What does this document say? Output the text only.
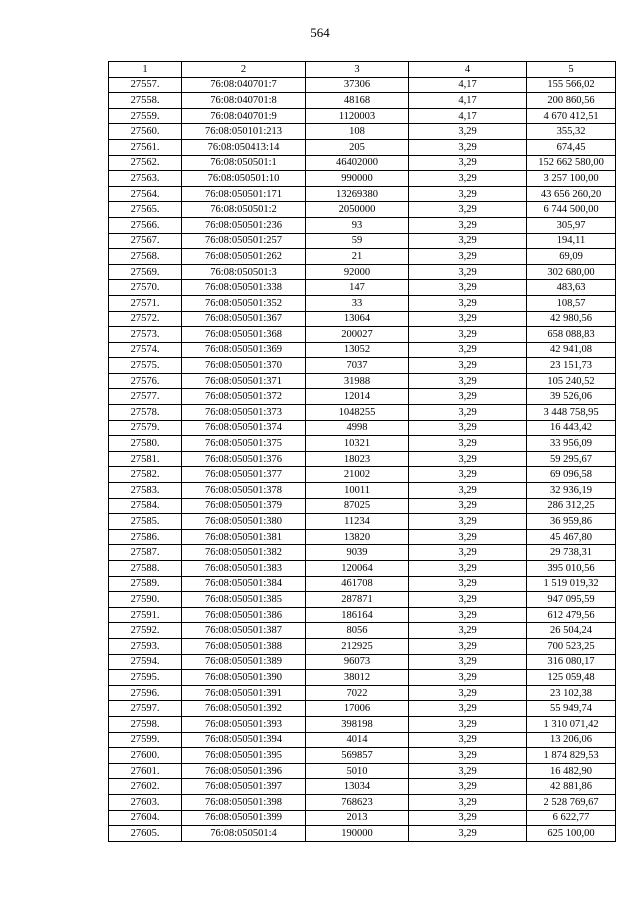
564
1	2	3	4	5
27557.	76:08:040701:7	37306	4,17	155 566,02
27558.	76:08:040701:8	48168	4,17	200 860,56
27559.	76:08:040701:9	1120003	4,17	4 670 412,51
27560.	76:08:050101:213	108	3,29	355,32
27561.	76:08:050413:14	205	3,29	674,45
27562.	76:08:050501:1	46402000	3,29	152 662 580,00
27563.	76:08:050501:10	990000	3,29	3 257 100,00
27564.	76:08:050501:171	13269380	3,29	43 656 260,20
27565.	76:08:050501:2	2050000	3,29	6 744 500,00
27566.	76:08:050501:236	93	3,29	305,97
27567.	76:08:050501:257	59	3,29	194,11
27568.	76:08:050501:262	21	3,29	69,09
27569.	76:08:050501:3	92000	3,29	302 680,00
27570.	76:08:050501:338	147	3,29	483,63
27571.	76:08:050501:352	33	3,29	108,57
27572.	76:08:050501:367	13064	3,29	42 980,56
27573.	76:08:050501:368	200027	3,29	658 088,83
27574.	76:08:050501:369	13052	3,29	42 941,08
27575.	76:08:050501:370	7037	3,29	23 151,73
27576.	76:08:050501:371	31988	3,29	105 240,52
27577.	76:08:050501:372	12014	3,29	39 526,06
27578.	76:08:050501:373	1048255	3,29	3 448 758,95
27579.	76:08:050501:374	4998	3,29	16 443,42
27580.	76:08:050501:375	10321	3,29	33 956,09
27581.	76:08:050501:376	18023	3,29	59 295,67
27582.	76:08:050501:377	21002	3,29	69 096,58
27583.	76:08:050501:378	10011	3,29	32 936,19
27584.	76:08:050501:379	87025	3,29	286 312,25
27585.	76:08:050501:380	11234	3,29	36 959,86
27586.	76:08:050501:381	13820	3,29	45 467,80
27587.	76:08:050501:382	9039	3,29	29 738,31
27588.	76:08:050501:383	120064	3,29	395 010,56
27589.	76:08:050501:384	461708	3,29	1 519 019,32
27590.	76:08:050501:385	287871	3,29	947 095,59
27591.	76:08:050501:386	186164	3,29	612 479,56
27592.	76:08:050501:387	8056	3,29	26 504,24
27593.	76:08:050501:388	212925	3,29	700 523,25
27594.	76:08:050501:389	96073	3,29	316 080,17
27595.	76:08:050501:390	38012	3,29	125 059,48
27596.	76:08:050501:391	7022	3,29	23 102,38
27597.	76:08:050501:392	17006	3,29	55 949,74
27598.	76:08:050501:393	398198	3,29	1 310 071,42
27599.	76:08:050501:394	4014	3,29	13 206,06
27600.	76:08:050501:395	569857	3,29	1 874 829,53
27601.	76:08:050501:396	5010	3,29	16 482,90
27602.	76:08:050501:397	13034	3,29	42 881,86
27603.	76:08:050501:398	768623	3,29	2 528 769,67
27604.	76:08:050501:399	2013	3,29	6 622,77
27605.	76:08:050501:4	190000	3,29	625 100,00
